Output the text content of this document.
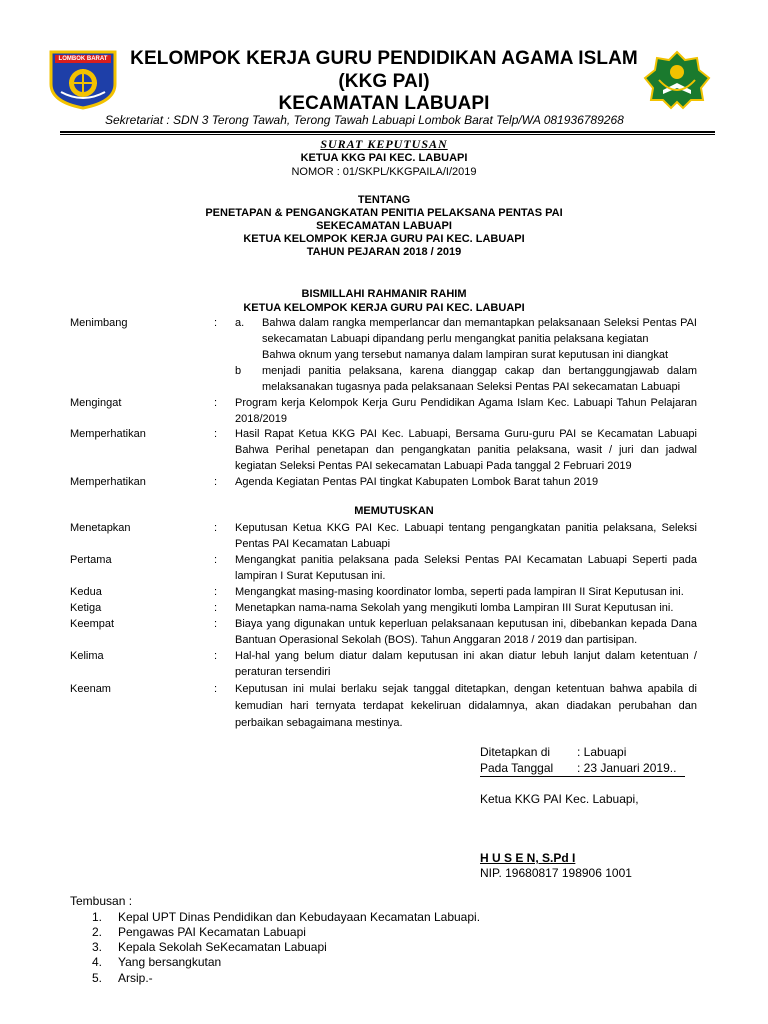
LOMBOK BARAT	KELOMPOK KERJA GURU PENDIDIKAN AGAMA ISLAM
(KKG PAI)
KECAMATAN LABUAPI
Sekretariat : SDN 3 Terong Tawah, Terong Tawah Labuapi Lombok Barat Telp/WA 081936789268
SURAT KEPUTUSAN
KETUA KKG PAI KEC. LABUAPI
NOMOR : 01/SKPL/KKGPAILA/I/2019
TENTANG
PENETAPAN & PENGANGKATAN PENITIA PELAKSANA PENTAS PAI
SEKECAMATAN LABUAPI
KETUA KELOMPOK KERJA GURU PAI KEC. LABUAPI
TAHUN PEJARAN 2018 / 2019
BISMILLAHI RAHMANIR RAHIM
KETUA KELOMPOK KERJA GURU PAI KEC. LABUAPI
Menimbang	: a. Bahwa dalam rangka memperlancar dan memantapkan pelaksanaan Seleksi Pentas PAI sekecamatan Labuapi dipandang perlu mengangkat panitia pelaksana kegiatan
Bahwa oknum yang tersebut namanya dalam lampiran surat keputusan ini diangkat
b menjadi panitia pelaksana, karena dianggap cakap dan bertanggungjawab dalam melaksanakan tugasnya pada pelaksanaan Seleksi Pentas PAI sekecamatan Labuapi
Mengingat	: Program kerja Kelompok Kerja Guru Pendidikan Agama Islam Kec. Labuapi Tahun Pelajaran 2018/2019
Memperhatikan	: Hasil Rapat Ketua KKG PAI Kec. Labuapi, Bersama Guru-guru PAI se Kecamatan Labuapi Bahwa Perihal penetapan dan pengangkatan panitia pelaksana, wasit / juri dan jadwal kegiatan Seleksi Pentas PAI sekecamatan Labuapi Pada tanggal 2 Februari 2019
Memperhatikan	: Agenda Kegiatan Pentas PAI tingkat Kabupaten Lombok Barat tahun 2019
MEMUTUSKAN
Menetapkan	: Keputusan Ketua KKG PAI Kec. Labuapi tentang pengangkatan panitia pelaksana, Seleksi Pentas PAI Kecamatan Labuapi
Pertama	: Mengangkat panitia pelaksana pada Seleksi Pentas PAI Kecamatan Labuapi Seperti pada lampiran I Surat Keputusan ini.
Kedua	: Mengangkat masing-masing koordinator lomba, seperti pada lampiran II Sirat Keputusan ini.
Ketiga	: Menetapkan nama-nama Sekolah yang mengikuti lomba Lampiran III Surat Keputusan ini.
Keempat	: Biaya yang digunakan untuk keperluan pelaksanaan keputusan ini, dibebankan kepada Dana Bantuan Operasional Sekolah (BOS). Tahun Anggaran 2018 / 2019 dan partisipan.
Kelima	: Hal-hal yang belum diatur dalam keputusan ini akan diatur lebuh lanjut dalam ketentuan / peraturan tersendiri
Keenam	: Keputusan ini mulai berlaku sejak tanggal ditetapkan, dengan ketentuan bahwa apabila di kemudian hari ternyata terdapat kekeliruan didalamnya, akan diadakan perubahan dan perbaikan sebagaimana mestinya.
Ditetapkan di : Labuapi
Pada Tanggal : 23 Januari 2019..
Ketua KKG PAI Kec. Labuapi,
H U S E N, S.Pd I
NIP. 19680817 198906 1001
Tembusan :
1. Kepal UPT Dinas Pendidikan dan Kebudayaan Kecamatan Labuapi.
2. Pengawas PAI Kecamatan Labuapi
3. Kepala Sekolah SeKecamatan Labuapi
4. Yang bersangkutan
5. Arsip.-
